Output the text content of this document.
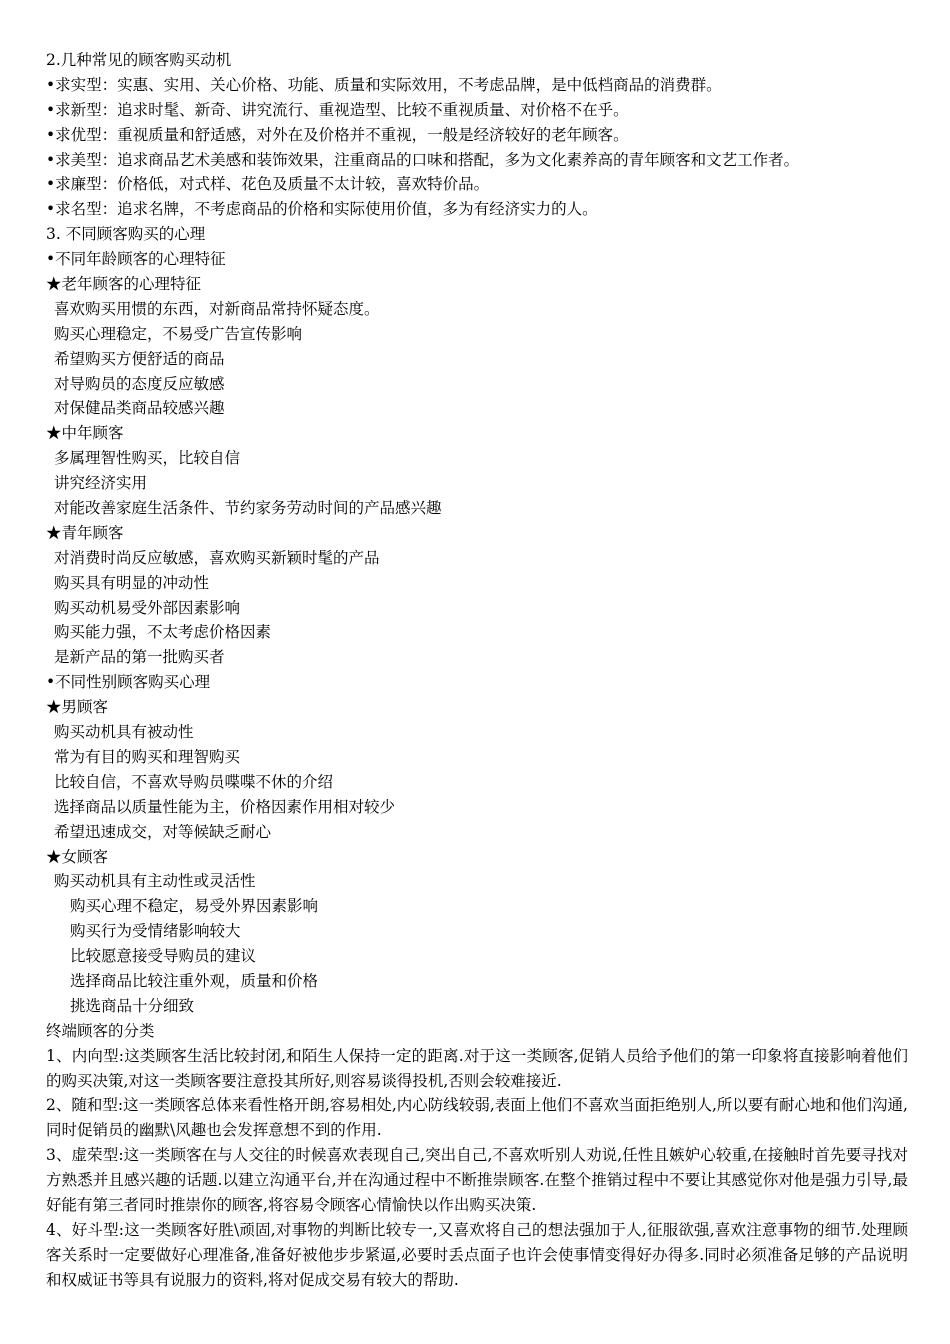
2.几种常见的顾客购买动机
•求实型：实惠、实用、关心价格、功能、质量和实际效用，不考虑品牌，是中低档商品的消费群。
•求新型：追求时髦、新奇、讲究流行、重视造型、比较不重视质量、对价格不在乎。
•求优型：重视质量和舒适感，对外在及价格并不重视，一般是经济较好的老年顾客。
•求美型：追求商品艺术美感和装饰效果，注重商品的口味和搭配，多为文化素养高的青年顾客和文艺工作者。
•求廉型：价格低，对式样、花色及质量不太计较，喜欢特价品。
•求名型：追求名牌，不考虑商品的价格和实际使用价值，多为有经济实力的人。
3. 不同顾客购买的心理
•不同年龄顾客的心理特征
★老年顾客的心理特征
喜欢购买用惯的东西，对新商品常持怀疑态度。
购买心理稳定，不易受广告宣传影响
希望购买方便舒适的商品
对导购员的态度反应敏感
对保健品类商品较感兴趣
★中年顾客
多属理智性购买，比较自信
讲究经济实用
对能改善家庭生活条件、节约家务劳动时间的产品感兴趣
★青年顾客
对消费时尚反应敏感，喜欢购买新颖时髦的产品
购买具有明显的冲动性
购买动机易受外部因素影响
购买能力强，不太考虑价格因素
是新产品的第一批购买者
•不同性别顾客购买心理
★男顾客
购买动机具有被动性
常为有目的购买和理智购买
比较自信，不喜欢导购员喋喋不休的介绍
选择商品以质量性能为主，价格因素作用相对较少
希望迅速成交，对等候缺乏耐心
★女顾客
购买动机具有主动性或灵活性
购买心理不稳定，易受外界因素影响
购买行为受情绪影响较大
比较愿意接受导购员的建议
选择商品比较注重外观，质量和价格
挑选商品十分细致
终端顾客的分类

1、内向型:这类顾客生活比较封闭,和陌生人保持一定的距离.对于这一类顾客,促销人员给予他们的第一印象将直接影响着他们的购买决策,对这一类顾客要注意投其所好,则容易谈得投机,否则会较难接近.

2、随和型:这一类顾客总体来看性格开朗,容易相处,内心防线较弱,表面上他们不喜欢当面拒绝别人,所以要有耐心地和他们沟通,同时促销员的幽默\风趣也会发挥意想不到的作用.

3、虚荣型:这一类顾客在与人交往的时候喜欢表现自己,突出自己,不喜欢听别人劝说,任性且嫉妒心较重,在接触时首先要寻找对方熟悉并且感兴趣的话题.以建立沟通平台,并在沟通过程中不断推崇顾客.在整个推销过程中不要让其感觉你对他是强力引导,最好能有第三者同时推崇你的顾客,将容易令顾客心情愉快以作出购买决策.

4、好斗型:这一类顾客好胜\顽固,对事物的判断比较专一,又喜欢将自己的想法强加于人,征服欲强,喜欢注意事物的细节.处理顾客关系时一定要做好心理准备,准备好被他步步紧逼,必要时丢点面子也许会使事情变得好办得多.同时必须准备足够的产品说明和权威证书等具有说服力的资料,将对促成交易有较大的帮助.
